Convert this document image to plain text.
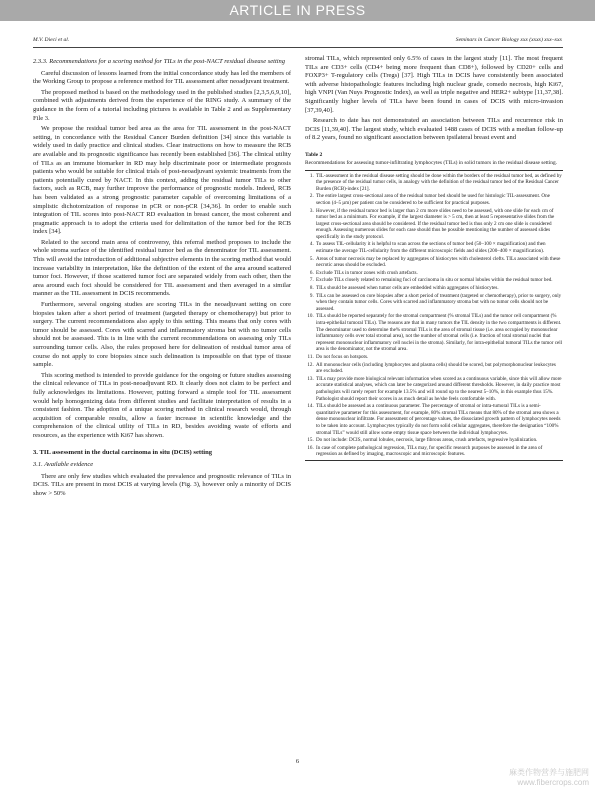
ARTICLE IN PRESS
M.V. Dieci et al.	Seminars in Cancer Biology xxx (xxxx) xxx–xxx
2.3.3. Recommendations for a scoring method for TILs in the post-NACT residual disease setting

Careful discussion of lessons learned from the initial concordance study has led the members of the Working Group to propose a reference method for TIL assessment after neoadjuvant treatment.

The proposed method is based on the methodology used in the published studies [2,3,5,6,9,10], combined with adjustments derived from the experience of the RING study. A summary of the guidance in the form of a tutorial including pictures is available in Table 2 and as Supplementary File 3.

We propose the residual tumor bed area as the area for TIL assessment in the post-NACT setting, in concordance with the Residual Cancer Burden definition [34] since this variable is widely used in daily practice and clinical studies. Clear instructions on how to measure the RCB are available and its prognostic significance has recently been established [36]. The clinical utility of TILs as an immune biomarker in RD may help discriminate poor or intermediate prognosis patients who would be suitable for clinical trials of post-neoadjuvant systemic treatments from the patients potentially cured by NACT. In this context, adding the residual tumor TILs to other factors, such as RCB, may further improve the performance of prognostic models. Indeed, RCB has been validated as a strong prognostic parameter capable of overcoming limitations of a simplistic dichotomization of response in pCR or non-pCR [34,36]. In order to enable such integration of TIL scores into post-NACT RD evaluation in breast cancer, the most coherent and pragmatic approach is to adopt the criteria used for delimitation of the tumor bed for the RCB index [34].

Related to the second main area of controversy, this referral method proposes to include the whole stroma surface of the identified residual tumor bed as the denominator for TIL assessment. This will avoid the introduction of additional subjective elements in the scoring method that would increase variability in interpretation, like the definition of the extent of the area around scattered tumor foci. However, if those scattered tumor foci are separated widely from each other, then the area around each foci should be considered for TIL assessment and then averaged in a similar manner as the TIL assessment in DCIS recommends.

Furthermore, several ongoing studies are scoring TILs in the neoadjuvant setting on core biopsies taken after a short period of treatment (targeted therapy or chemotherapy) but prior to surgery. The current recommendations also apply to this setting. This means that only cores with tumor should be assessed. Cores with scarred and inflammatory stroma but with no tumor cells should not be assessed. This is in line with the current recommendations on assessing only TILs surrounding tumor cells. Also, the rules proposed here for delineation of residual tumor area of course do not apply to core biopsies since such delineation is impossible on that type of tissue sample.

This scoring method is intended to provide guidance for the ongoing or future studies assessing the clinical relevance of TILs in post-neoadjuvant RD. It clearly does not claim to be perfect and fully acknowledges its limitations. However, putting forward a simple tool for TIL assessment would help homogenizing data from different studies and facilitate interpretation of results in a consistent fashion. The adoption of a unique scoring method in clinical research would, through acquisition of comparable results, allow a faster increase in scientific knowledge and the comprehension of the clinical utility of TILs in RD, besides avoiding waste of efforts and resources, as the experience with Ki67 has shown.

3. TIL assessment in the ductal carcinoma in situ (DCIS) setting
3.1. Available evidence

There are only few studies which evaluated the prevalence and prognostic relevance of TILs in DCIS. TILs are present in most DCIS at varying levels (Fig. 3), however only a minority of DCIS show > 50%

stromal TILs, which represented only 6.5% of cases in the largest study [11]. The most frequent TILs are CD3+ cells (CD4+ being more frequent than CD8+), followed by CD20+ cells and FOXP3+ T-regulatory cells (Tregs) [37]. High TILs in DCIS have consistently been associated with adverse histopathologic features including high nuclear grade, comedo necrosis, high Ki67, high VNPI (Van Nuys Prognostic Index), as well as triple negative and HER2+ subtype [11,37,38]. Significantly higher levels of TILs have been found in cases of DCIS with micro-invasion [37,39,40].

Research to date has not demonstrated an association between TILs and recurrence risk in DCIS [11,39,40]. The largest study, which evaluated 1488 cases of DCIS with a median follow-up of 8.2 years, found no significant association between ipsilateral breast event and

Table 2
Recommendations for assessing tumor-infiltrating lymphocytes (TILs) in solid tumors in the residual disease setting.
1. TIL-assessment in the residual disease setting should be done within the borders of the residual tumor bed, as defined by the presence of the residual tumor cells, in analogy with the definition of the residual tumor bed of the Residual Cancer Burden (RCB)-index [21].
2. The entire largest cross-sectional area of the residual tumor bed should be used for histologic TIL-assessment. One section (4–5 µm) per patient can be considered to be sufficient for practical purposes.
3. However, if the residual tumor bed is larger than 2 cm more slides need to be assessed, with one slide for each cm of tumor bed as a minimum. For example, if the largest diameter is > 5 cm, then at least 5 representative slides from the largest cross-sectional area should be considered. If the residual tumor bed is thus only 2 cm one slide is considered enough. Assessing numerous slides for each case should thus be possible mentioning the number of assessed slides specifically in the study protocol.
4. To assess TIL-cellularity it is helpful to scan across the sections of tumor bed (50–100 × magnification) and then estimate the average TIL-cellularity from the different microscopic fields and slides (200–400 × magnification).
5. Areas of tumor necrosis may be replaced by aggregates of histiocytes with cholesterol clefts. TILs associated with these necrotic areas should be excluded.
6. Exclude TILs in tumor zones with crush artefacts.
7. Exclude TILs closely related to remaining foci of carcinoma in situ or normal lobules within the residual tumor bed.
8. TILs should be assessed when tumor cells are embedded within aggregates of histiocytes.
9. TILs can be assessed on core biopsies after a short period of treatment (targeted or chemotherapy), prior to surgery, only when they contain tumor cells. Cores with scarred and inflammatory stroma but with no tumor cells should not be assessed.
10. TILs should be reported separately for the stromal compartment (% stromal TILs) and the tumor cell compartment (% intra-epithelial tumoral TILs). The reasons are that in many tumors the TIL density in the two compartments is different. The denominator used to determine the% stromal TILs is the area of stromal tissue (i.e. area occupied by mononuclear inflammatory cells over total stromal area), not the number of stromal cells (i.e. fraction of total stromal nuclei that represent mononuclear inflammatory cell nuclei in the stroma). Similarly, for intra-epithelial tumoral TILs the tumor cell area is the denominator, not the stromal area.
11. Do not focus on hotspots.
12. All mononuclear cells (including lymphocytes and plasma cells) should be scored, but polymorphonuclear leukocytes are excluded.
13. TILs may provide more biological relevant information when scored as a continuous variable, since this will allow more accurate statistical analyses, which can later be categorized around different thresholds. However, in daily practice most pathologists will rarely report for example 13.5% and will round up to the nearest 5–10%, in this example thus 15%. Pathologist should report their scores in as much detail as he/she feels comfortable with.
14. TILs should be assessed as a continuous parameter. The percentage of stromal or intra-tumoral TILs is a semi-quantitative parameter for this assessment, for example, 80% stromal TILs means that 80% of the stromal area shows a dense mononuclear infiltrate. For assessment of percentage values, the dissociated growth pattern of lymphocytes needs to be taken into account. Lymphocytes typically do not form solid cellular aggregates, therefore the designation “100% stromal TILs” would still allow some empty tissue space between the individual lymphocytes.
15. Do not include: DCIS, normal lobules, necrosis, large fibrous areas, crush artefacts, regressive hyalinization.
16. In case of complete pathological regression, TILs may, for specific research purposes be assessed in the area of regression as defined by imaging, macroscopic and microscopic features.
6
麻类作物营养与施肥网
www.fibercrops.com
